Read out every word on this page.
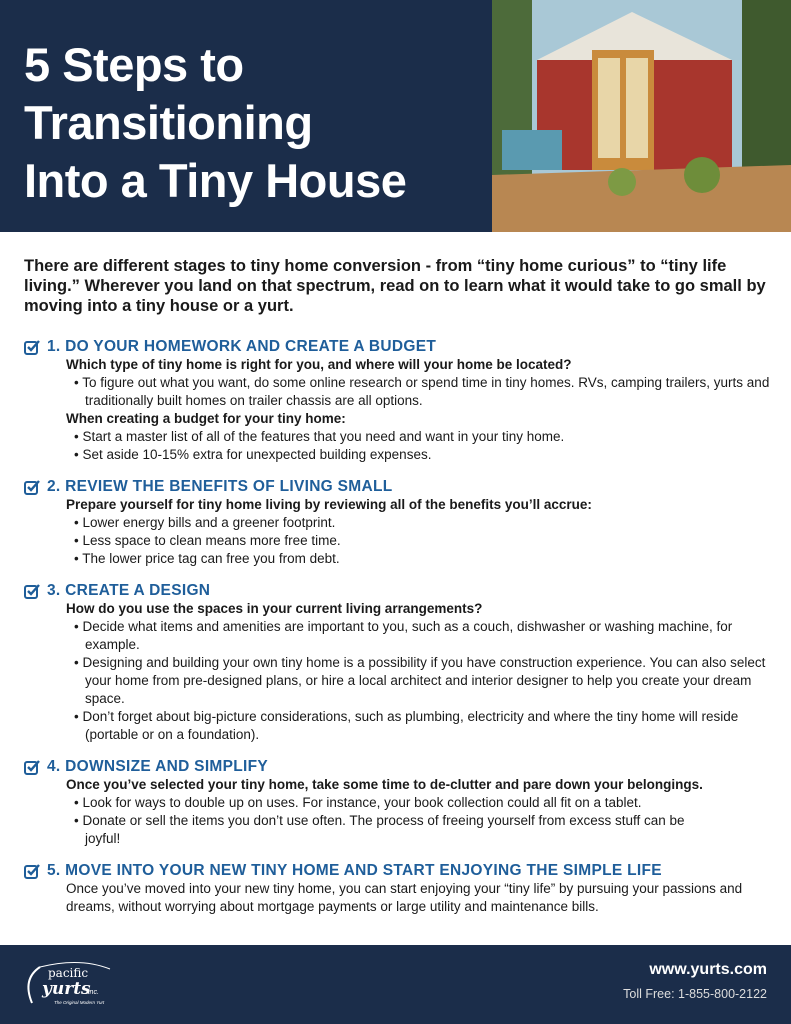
5 Steps to
Transitioning
Into a Tiny House
There are different stages to tiny home conversion - from “tiny home curious” to “tiny life living.” Wherever you land on that spectrum, read on to learn what it would take to go small by moving into a tiny house or a yurt.
1. DO YOUR HOMEWORK AND CREATE A BUDGET
Which type of tiny home is right for you, and where will your home be located?
• To figure out what you want, do some online research or spend time in tiny homes. RVs, camping trailers, yurts and traditionally built homes on trailer chassis are all options.
When creating a budget for your tiny home:
• Start a master list of all of the features that you need and want in your tiny home.
• Set aside 10-15% extra for unexpected building expenses.
2. REVIEW THE BENEFITS OF LIVING SMALL
Prepare yourself for tiny home living by reviewing all of the benefits you’ll accrue:
• Lower energy bills and a greener footprint.
• Less space to clean means more free time.
• The lower price tag can free you from debt.
3. CREATE A DESIGN
How do you use the spaces in your current living arrangements?
• Decide what items and amenities are important to you, such as a couch, dishwasher or washing machine, for example.
• Designing and building your own tiny home is a possibility if you have construction experience. You can also select your home from pre-designed plans, or hire a local architect and interior designer to help you create your dream space.
• Don’t forget about big-picture considerations, such as plumbing, electricity and where the tiny home will reside (portable or on a foundation).
4. DOWNSIZE AND SIMPLIFY
Once you’ve selected your tiny home, take some time to de-clutter and pare down your belongings.
• Look for ways to double up on uses. For instance, your book collection could all fit on a tablet.
• Donate or sell the items you don’t use often. The process of freeing yourself from excess stuff can be joyful!
5. MOVE INTO YOUR NEW TINY HOME AND START ENJOYING THE SIMPLE LIFE
Once you’ve moved into your new tiny home, you can start enjoying your “tiny life” by pursuing your passions and dreams, without worrying about mortgage payments or large utility and maintenance bills.
pacific
yurts
inc.
The Original Modern Yurt
www.yurts.com
Toll Free: 1-855-800-2122
